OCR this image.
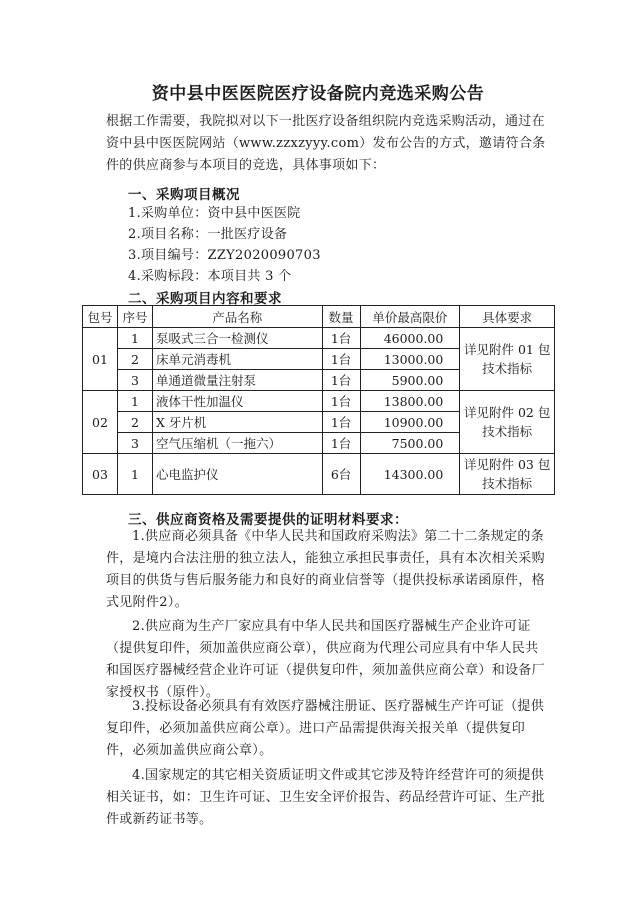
资中县中医医院医疗设备院内竞选采购公告
根据工作需要，我院拟对以下一批医疗设备组织院内竞选采购活动，通过在资中县中医医院网站（www.zzxzyyy.com）发布公告的方式，邀请符合条件的供应商参与本项目的竞选，具体事项如下：
一、采购项目概况
1.采购单位：资中县中医医院
2.项目名称：一批医疗设备
3.项目编号：ZZY2020090703
4.采购标段：本项目共 3 个
二、采购项目内容和要求
包号	序号	产品名称	数量	单价最高限价	具体要求
01	1	泵吸式三合一检测仪	1台	46000.00	详见附件 01 包技术指标
	2	床单元消毒机	1台	13000.00	
	3	单通道微量注射泵	1台	5900.00	
02	1	液体干性加温仪	1台	13800.00	详见附件 02 包技术指标
	2	X 牙片机	1台	10900.00	
	3	空气压缩机（一拖六）	1台	7500.00	
03	1	心电监护仪	6台	14300.00	详见附件 03 包技术指标
三、供应商资格及需要提供的证明材料要求：
1.供应商必须具备《中华人民共和国政府采购法》第二十二条规定的条件，是境内合法注册的独立法人，能独立承担民事责任，具有本次相关采购项目的供货与售后服务能力和良好的商业信誉等（提供投标承诺函原件，格式见附件2）。
2.供应商为生产厂家应具有中华人民共和国医疗器械生产企业许可证（提供复印件，须加盖供应商公章），供应商为代理公司应具有中华人民共和国医疗器械经营企业许可证（提供复印件，须加盖供应商公章）和设备厂家授权书（原件）。
3.投标设备必须具有有效医疗器械注册证、医疗器械生产许可证（提供复印件，必须加盖供应商公章）。进口产品需提供海关报关单（提供复印件，必须加盖供应商公章）。
4.国家规定的其它相关资质证明文件或其它涉及特许经营许可的须提供相关证书，如：卫生许可证、卫生安全评价报告、药品经营许可证、生产批件或新药证书等。
